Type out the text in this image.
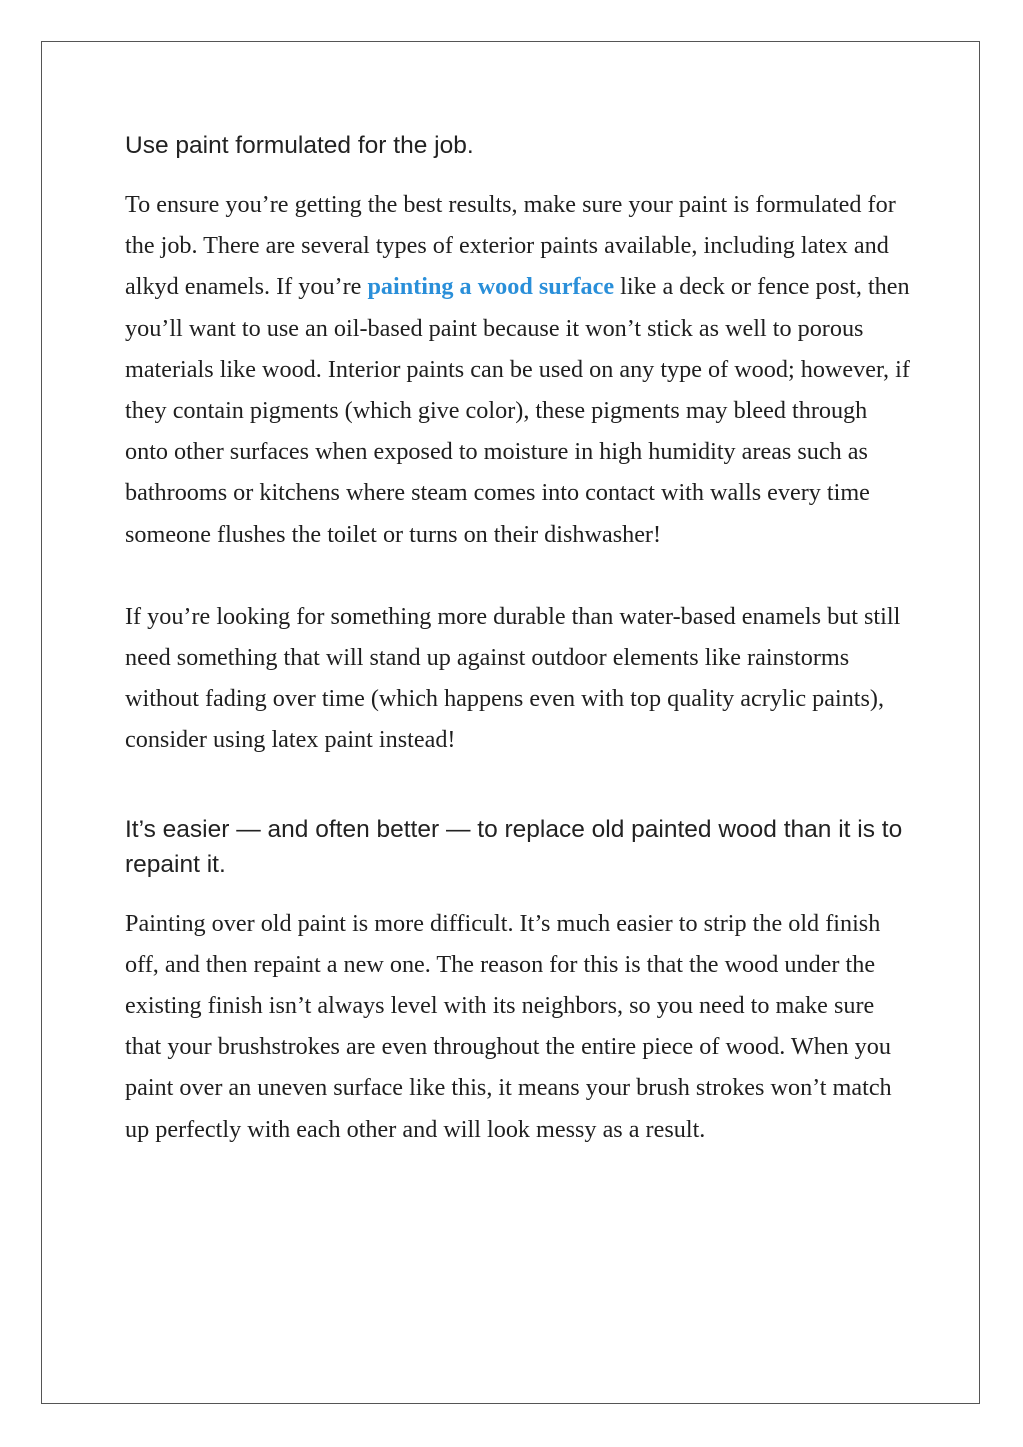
Use paint formulated for the job.

To ensure you’re getting the best results, make sure your paint is formulated for the job. There are several types of exterior paints available, including latex and alkyd enamels. If you’re painting a wood surface like a deck or fence post, then you’ll want to use an oil-based paint because it won’t stick as well to porous materials like wood. Interior paints can be used on any type of wood; however, if they contain pigments (which give color), these pigments may bleed through onto other surfaces when exposed to moisture in high humidity areas such as bathrooms or kitchens where steam comes into contact with walls every time someone flushes the toilet or turns on their dishwasher!

If you’re looking for something more durable than water-based enamels but still need something that will stand up against outdoor elements like rainstorms without fading over time (which happens even with top quality acrylic paints), consider using latex paint instead!

It’s easier — and often better — to replace old painted wood than it is to repaint it.

Painting over old paint is more difficult. It’s much easier to strip the old finish off, and then repaint a new one. The reason for this is that the wood under the existing finish isn’t always level with its neighbors, so you need to make sure that your brushstrokes are even throughout the entire piece of wood. When you paint over an uneven surface like this, it means your brush strokes won’t match up perfectly with each other and will look messy as a result.
